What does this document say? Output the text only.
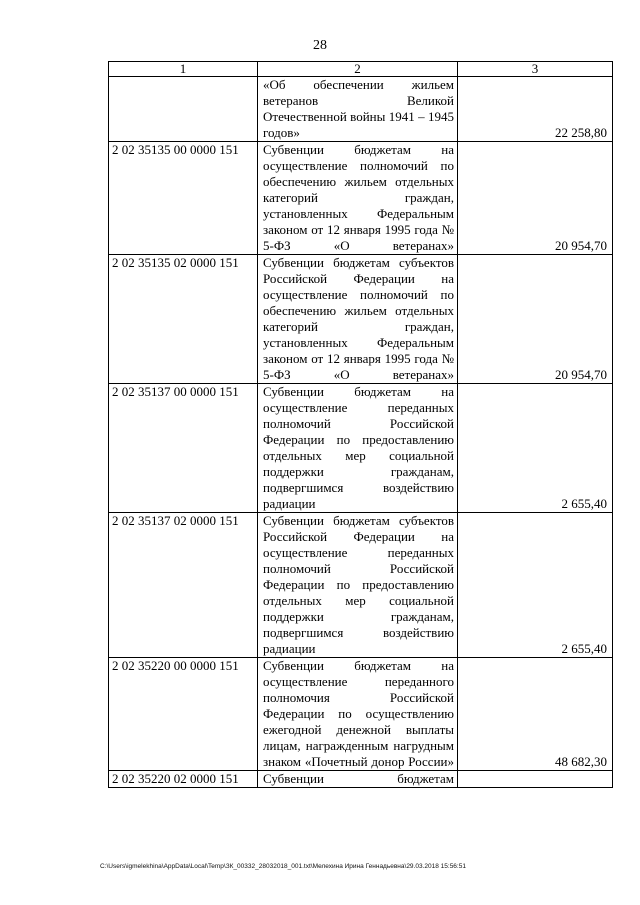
28
1	2	3
	«Об обеспечении жильем ветеранов Великой Отечественной войны 1941 – 1945 годов»	22 258,80
2 02 35135 00 0000 151	Субвенции бюджетам на осуществление полномочий по обеспечению жильем отдельных категорий граждан, установленных Федеральным законом от 12 января 1995 года № 5-ФЗ «О ветеранах»	20 954,70
2 02 35135 02 0000 151	Субвенции бюджетам субъектов Российской Федерации на осуществление полномочий по обеспечению жильем отдельных категорий граждан, установленных Федеральным законом от 12 января 1995 года № 5-ФЗ «О ветеранах»	20 954,70
2 02 35137 00 0000 151	Субвенции бюджетам на осуществление переданных полномочий Российской Федерации по предоставлению отдельных мер социальной поддержки гражданам, подвергшимся воздействию радиации	2 655,40
2 02 35137 02 0000 151	Субвенции бюджетам субъектов Российской Федерации на осуществление переданных полномочий Российской Федерации по предоставлению отдельных мер социальной поддержки гражданам, подвергшимся воздействию радиации	2 655,40
2 02 35220 00 0000 151	Субвенции бюджетам на осуществление переданного полномочия Российской Федерации по осуществлению ежегодной денежной выплаты лицам, награжденным нагрудным знаком «Почетный донор России»	48 682,30
2 02 35220 02 0000 151	Субвенции бюджетам	
C:\Users\igmelekhina\AppData\Local\Temp\ЗК_00332_28032018_001.txt\Мелехина Ирина Геннадьевна\29.03.2018 15:56:51
